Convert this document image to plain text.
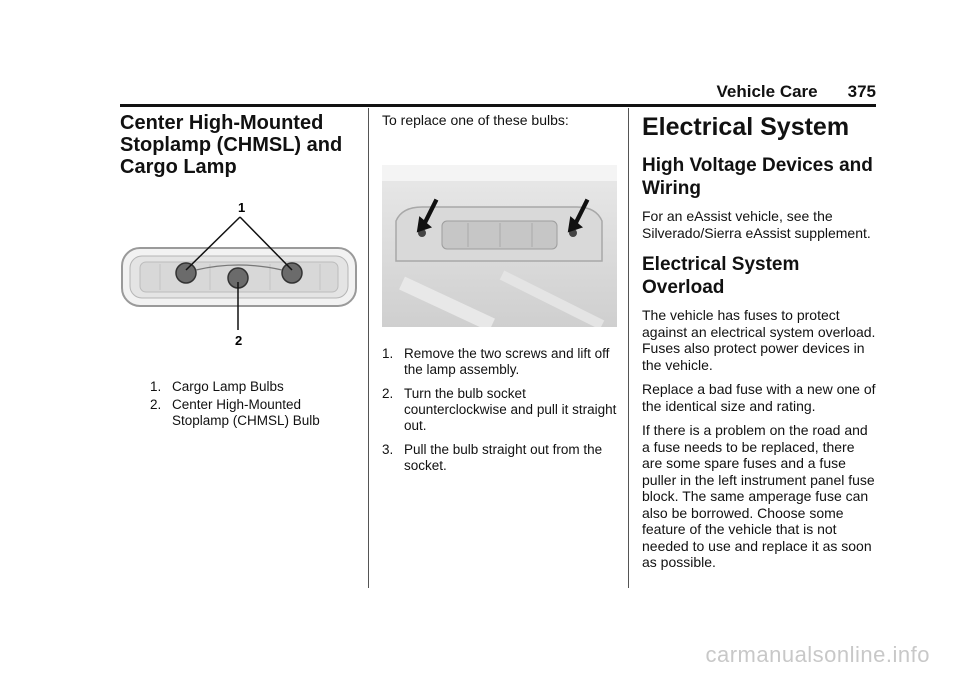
Vehicle Care 375
Center High-Mounted Stoplamp (CHMSL) and Cargo Lamp
1
2
1. Cargo Lamp Bulbs
2. Center High-Mounted Stoplamp (CHMSL) Bulb

To replace one of these bulbs:

1. Remove the two screws and lift off the lamp assembly.
2. Turn the bulb socket counterclockwise and pull it straight out.
3. Pull the bulb straight out from the socket.
Electrical System
High Voltage Devices and Wiring

For an eAssist vehicle, see the Silverado/Sierra eAssist supplement.

Electrical System Overload

The vehicle has fuses to protect against an electrical system overload. Fuses also protect power devices in the vehicle.

Replace a bad fuse with a new one of the identical size and rating.

If there is a problem on the road and a fuse needs to be replaced, there are some spare fuses and a fuse puller in the left instrument panel fuse block. The same amperage fuse can also be borrowed. Choose some feature of the vehicle that is not needed to use and replace it as soon as possible.

carmanualsonline.info
